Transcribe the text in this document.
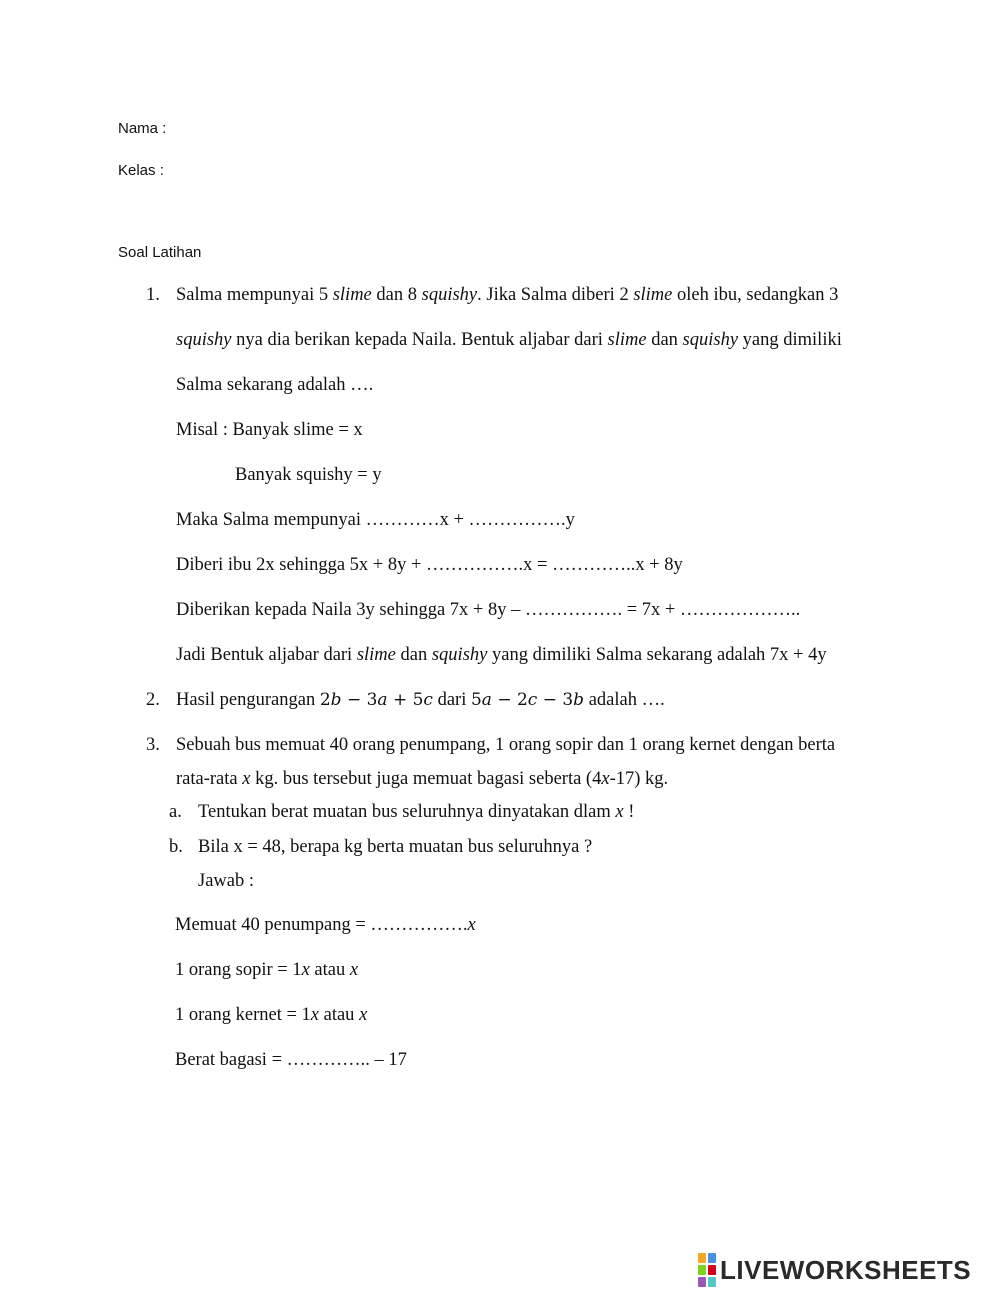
Nama :
Kelas :
Soal Latihan
1. Salma mempunyai 5 slime dan 8 squishy. Jika Salma diberi 2 slime oleh ibu, sedangkan 3
squishy nya dia berikan kepada Naila. Bentuk aljabar dari slime dan squishy yang dimiliki
Salma sekarang adalah ….
Misal : Banyak slime = x
Banyak squishy = y
Maka Salma mempunyai …………x + …………….y
Diberi ibu 2x sehingga 5x + 8y + …………….x = …………..x + 8y
Diberikan kepada Naila 3y sehingga 7x + 8y – ……………. = 7x + ………………..
Jadi Bentuk aljabar dari slime dan squishy yang dimiliki Salma sekarang adalah 7x + 4y
2. Hasil pengurangan 2𝑏 − 3𝑎 + 5𝑐 dari 5𝑎 − 2𝑐 − 3𝑏 adalah ….
3. Sebuah bus memuat 40 orang penumpang, 1 orang sopir dan 1 orang kernet dengan berta
rata-rata x kg. bus tersebut juga memuat bagasi seberta (4x-17) kg.
a. Tentukan berat muatan bus seluruhnya dinyatakan dlam x !
b. Bila x = 48, berapa kg berta muatan bus seluruhnya ?
Jawab :
Memuat 40 penumpang = …………….x
1 orang sopir = 1x atau x
1 orang kernet = 1x atau x
Berat bagasi = ………….. – 17
LIVEWORKSHEETS
